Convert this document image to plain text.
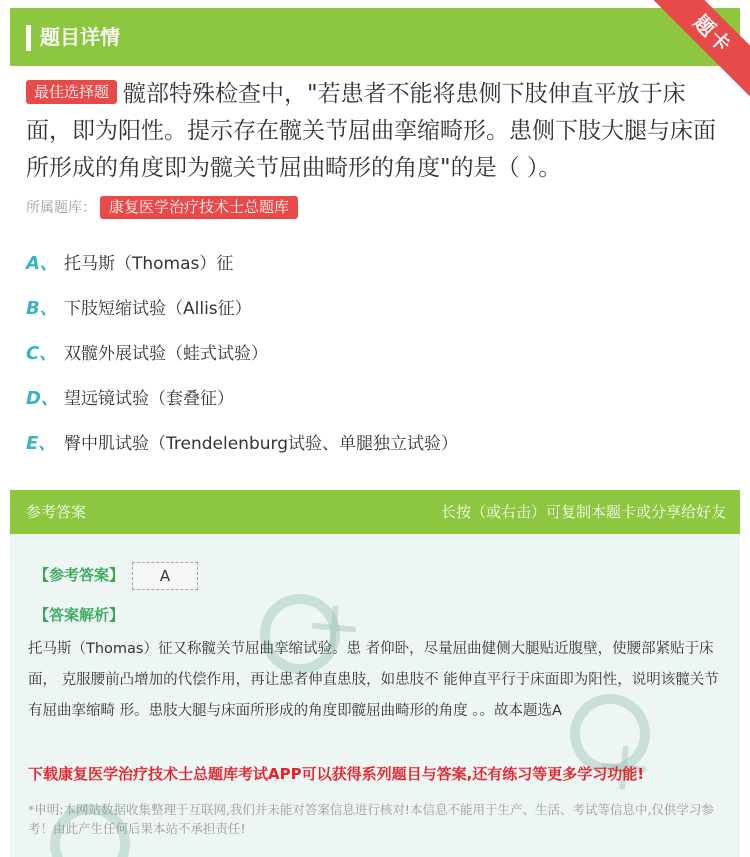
题目详情	题卡
最佳选择题 髋部特殊检查中，"若患者不能将患侧下肢伸直平放于床面，即为阳性。提示存在髋关节屈曲挛缩畸形。患侧下肢大腿与床面所形成的角度即为髋关节屈曲畸形的角度"的是（ ）。
所属题库： 康复医学治疗技术士总题库
A、 托马斯（Thomas）征
B、 下肢短缩试验（Allis征）
C、 双髋外展试验（蛙式试验）
D、 望远镜试验（套叠征）
E、 臀中肌试验（Trendelenburg试验、单腿独立试验）
参考答案	长按（或右击）可复制本题卡或分享给好友
✕
✕
【参考答案】	A
【答案解析】
托马斯（Thomas）征又称髋关节屈曲挛缩试验。患 者仰卧，尽量屈曲健侧大腿贴近腹壁，使腰部紧贴于床面， 克服腰前凸增加的代偿作用，再让患者伸直患肢，如患肢不 能伸直平行于床面即为阳性，说明该髋关节有屈曲挛缩畸 形。患肢大腿与床面所形成的角度即髋屈曲畸形的角度 。。故本题选A
下载康复医学治疗技术士总题库考试APP可以获得系列题目与答案,还有练习等更多学习功能!
*申明:本网站数据收集整理于互联网,我们并未能对答案信息进行核对!本信息不能用于生产、生活、考试等信息中,仅供学习参考！由此产生任何后果本站不承担责任!
